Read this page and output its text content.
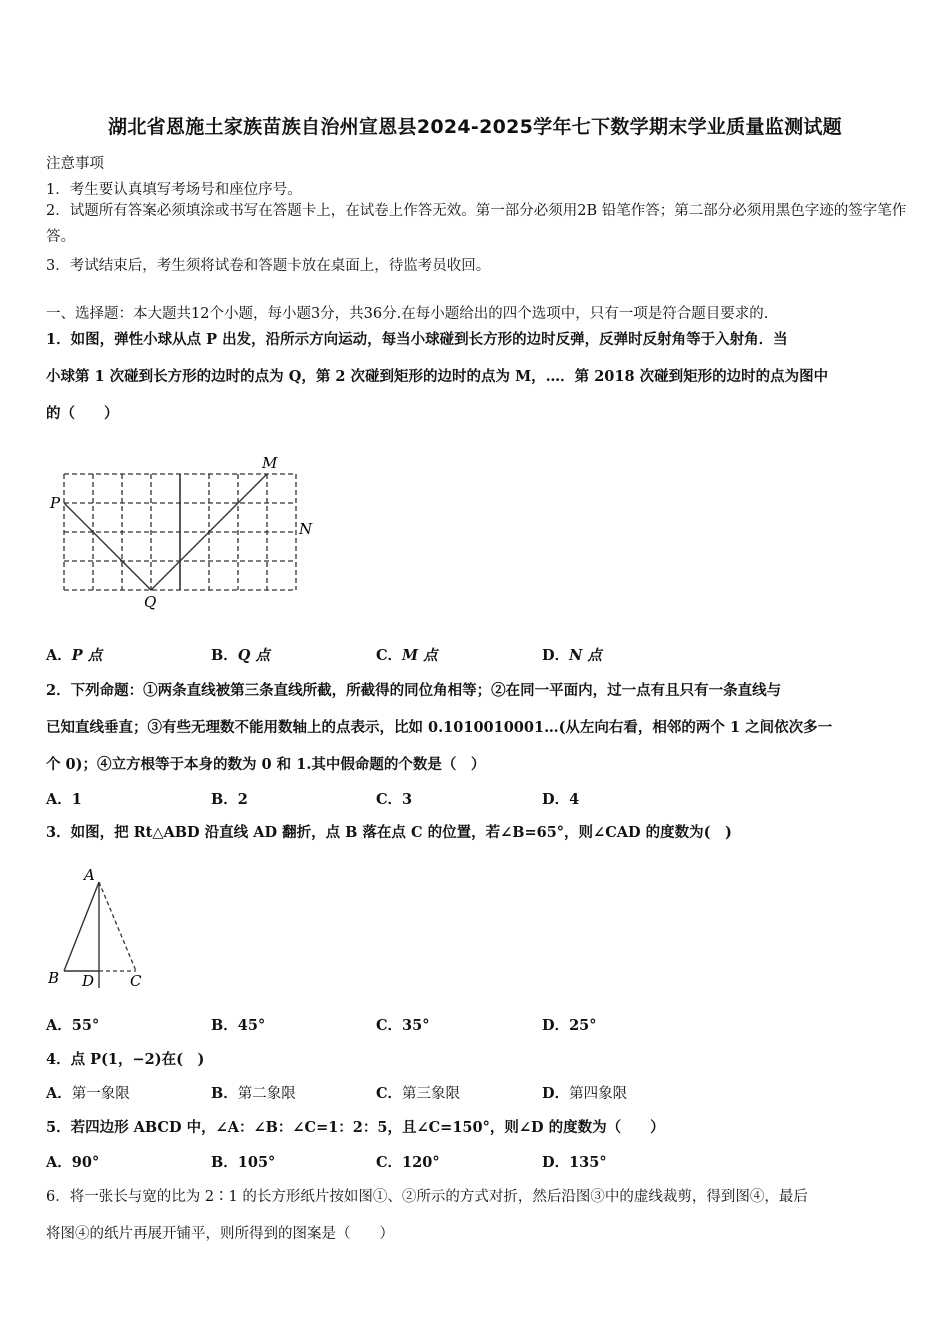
湖北省恩施土家族苗族自治州宣恩县2024-2025学年七下数学期末学业质量监测试题
注意事项
1．考生要认真填写考场号和座位序号。
2．试题所有答案必须填涂或书写在答题卡上，在试卷上作答无效。第一部分必须用2B 铅笔作答；第二部分必须用黑色字迹的签字笔作答。
3．考试结束后，考生须将试卷和答题卡放在桌面上，待监考员收回。
一、选择题：本大题共12个小题，每小题3分，共36分.在每小题给出的四个选项中，只有一项是符合题目要求的.
1．如图，弹性小球从点 P 出发，沿所示方向运动，每当小球碰到长方形的边时反弹，反弹时反射角等于入射角．当
小球第 1 次碰到长方形的边时的点为 Q，第 2 次碰到矩形的边时的点为 M，…．第 2018 次碰到矩形的边时的点为图中
的（　　）
P
Q
M
N
A．P 点	B．Q 点	C．M 点	D．N 点
2．下列命题：①两条直线被第三条直线所截，所截得的同位角相等；②在同一平面内，过一点有且只有一条直线与
已知直线垂直；③有些无理数不能用数轴上的点表示，比如 0.1010010001…(从左向右看，相邻的两个 1 之间依次多一
个 0)；④立方根等于本身的数为 0 和 1.其中假命题的个数是（　）
A．1	B．2	C．3	D．4
3．如图，把 Rt△ABD 沿直线 AD 翻折，点 B 落在点 C 的位置，若∠B=65°，则∠CAD 的度数为(　)
A
B D C
A．55°	B．45°	C．35°	D．25°
4．点 P(1，−2)在(　)
A．第一象限	B．第二象限	C．第三象限	D．第四象限
5．若四边形 ABCD 中，∠A：∠B：∠C=1：2：5，且∠C=150°，则∠D 的度数为（　　）
A．90°	B．105°	C．120°	D．135°
6．将一张长与宽的比为 2∶1 的长方形纸片按如图①、②所示的方式对折，然后沿图③中的虚线裁剪，得到图④，最后
将图④的纸片再展开铺平，则所得到的图案是（　　）
